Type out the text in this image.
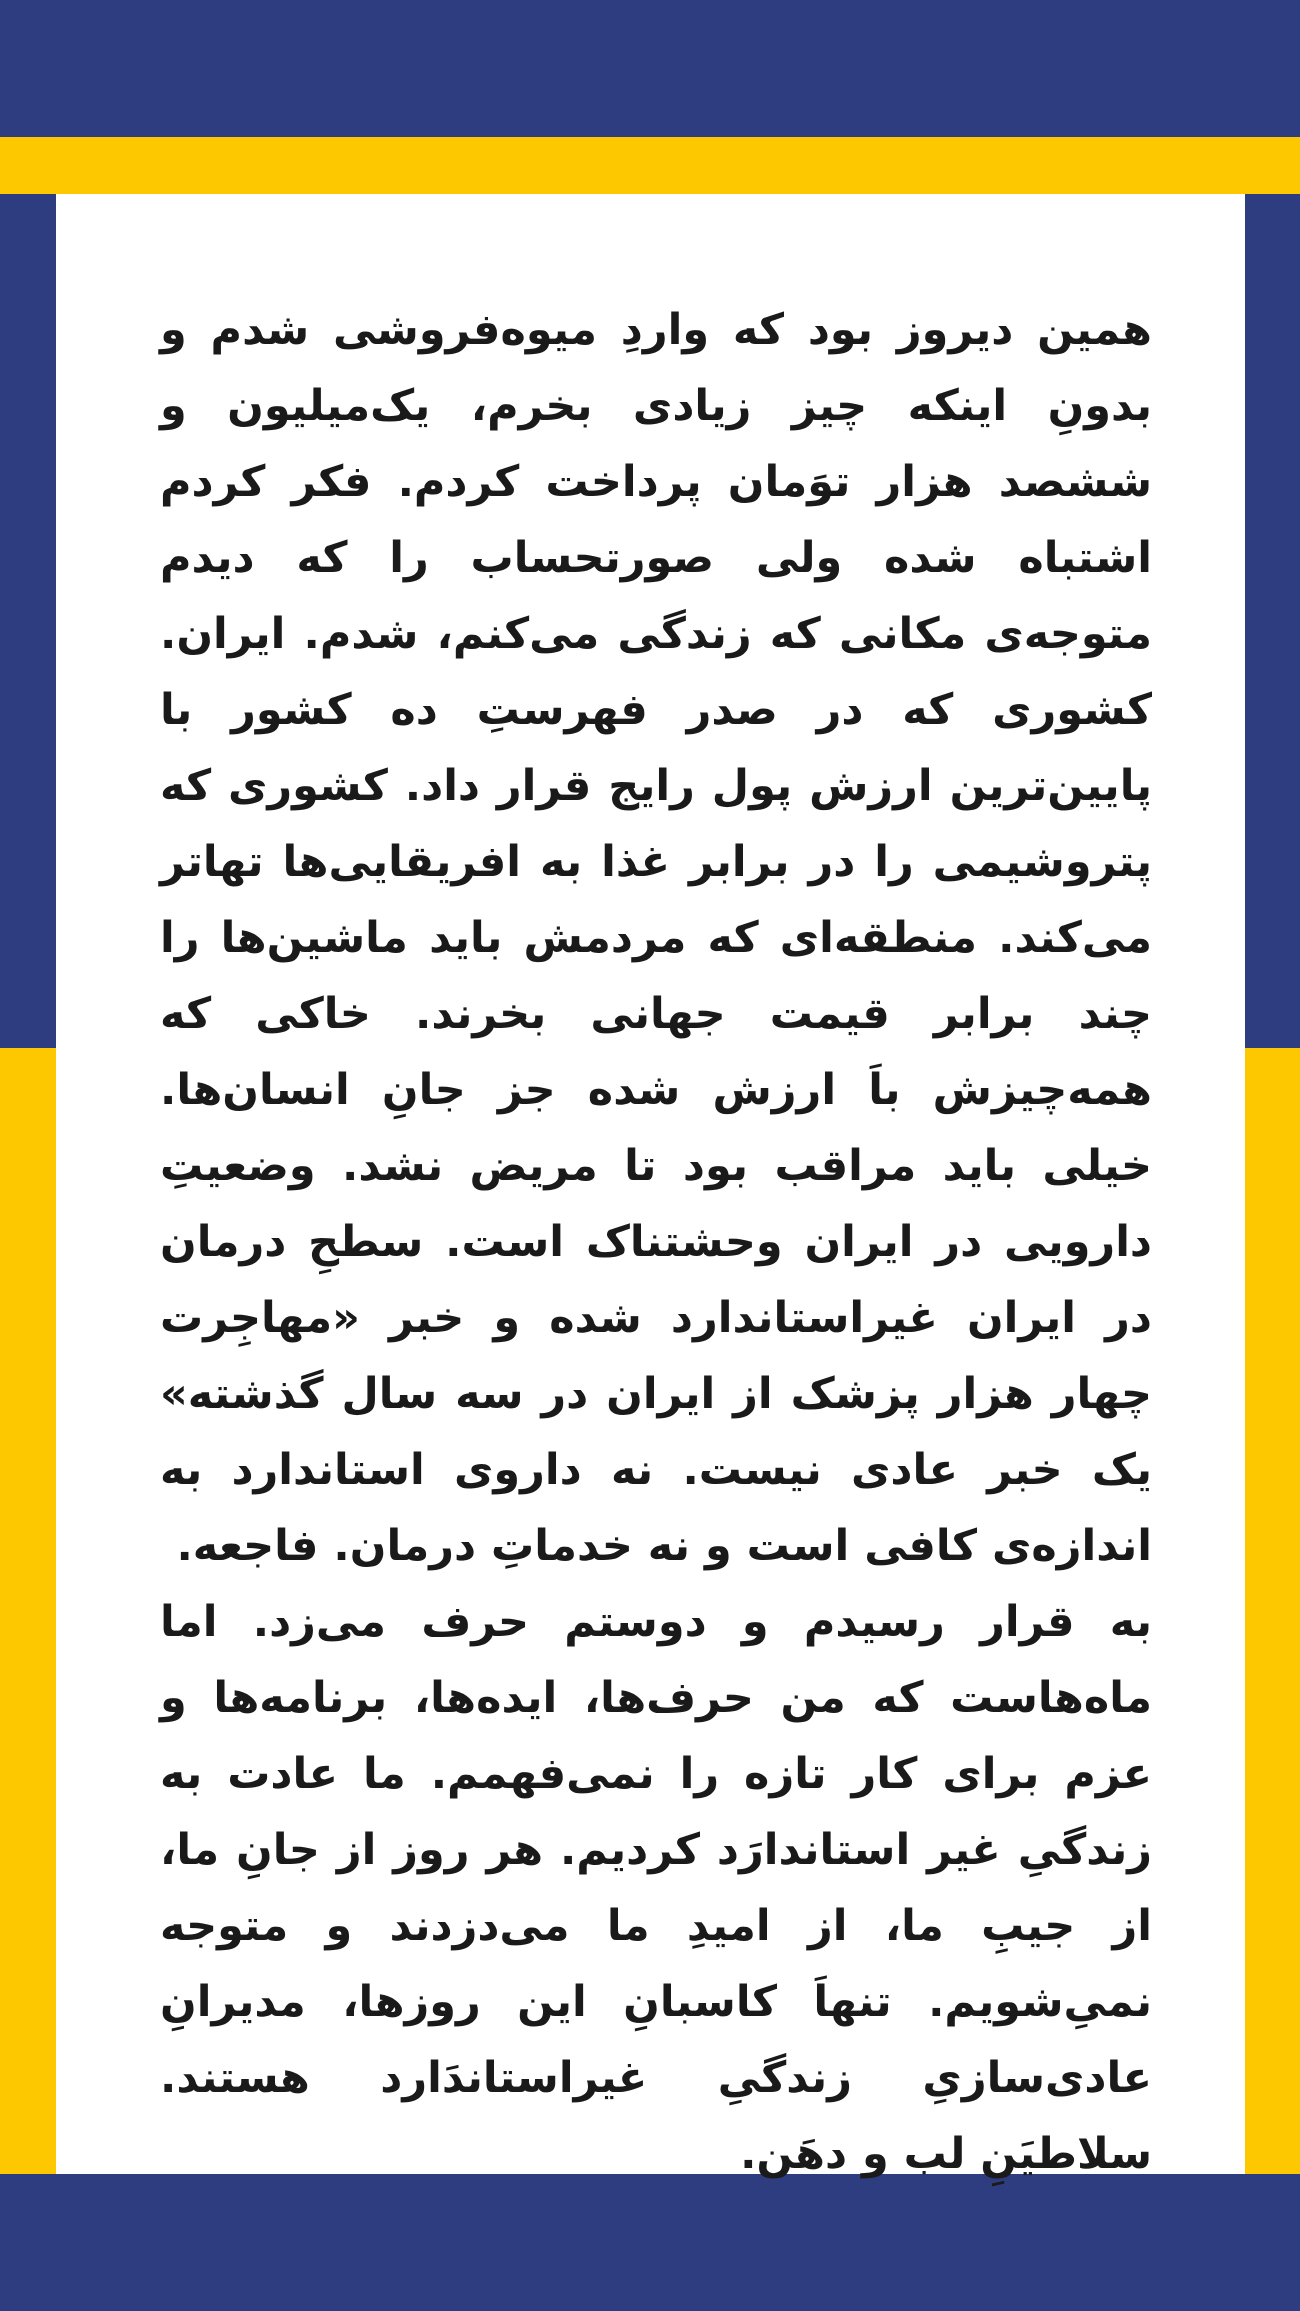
همین دیروز بود که واردِ میوه‌فروشی شدم و بدونِ اینکه چیز زیادی بخرم، یک‌میلیون و ششصد هزار توَمان پرداخت کردم. فکر کردم اشتباه شده ولی صورتحساب را که دیدم متوجه‌ی مکانی که زندگی می‌کنم، شدم. ایران. کشوری که در صدر فهرستِ ده کشور با پایین‌ترین ارزش پول رایج قرار داد. کشوری که پتروشیمی را در برابر غذا به افریقایی‌ها تهاتر می‌کند. منطقه‌ای که مردمش باید ماشین‌ها را چند برابر قیمت جهانی بخرند. خاکی که همه‌چیزش باَ ارزش شده جز جانِ انسان‌ها. خیلی باید مراقب بود تا مریض نشد. وضعیتِ دارویی در ایران وحشتناک است. سطحِ درمان در ایران غیراستاندارد شده و خبر «مهاجِرت چهار هزار پزشک از ایران در سه سال گذشته» یک خبر عادی نیست. نه داروی استاندارد به اندازه‌ی کافی است و نه خدماتِ درمان. فاجعه.

به قرار رسیدم و دوستم حرف می‌زد. اما ماه‌هاست که من حرف‌ها، ایده‌ها، برنامه‌ها و عزم برای کار تازه را نمی‌فهمم. ما عادت به زندگیِ غیر استاندارَد کردیم. هر روز از جانِ ما، از جیبِ ما، از امیدِ ما می‌دزدند و متوجه نمیِ‌شویم. تنهاَ کاسبانِ این روزها، مدیرانِ عادی‌سازیِ زندگیِ غیراستاندَارد هستند. سلاطیَنِ لب و دهَن.
